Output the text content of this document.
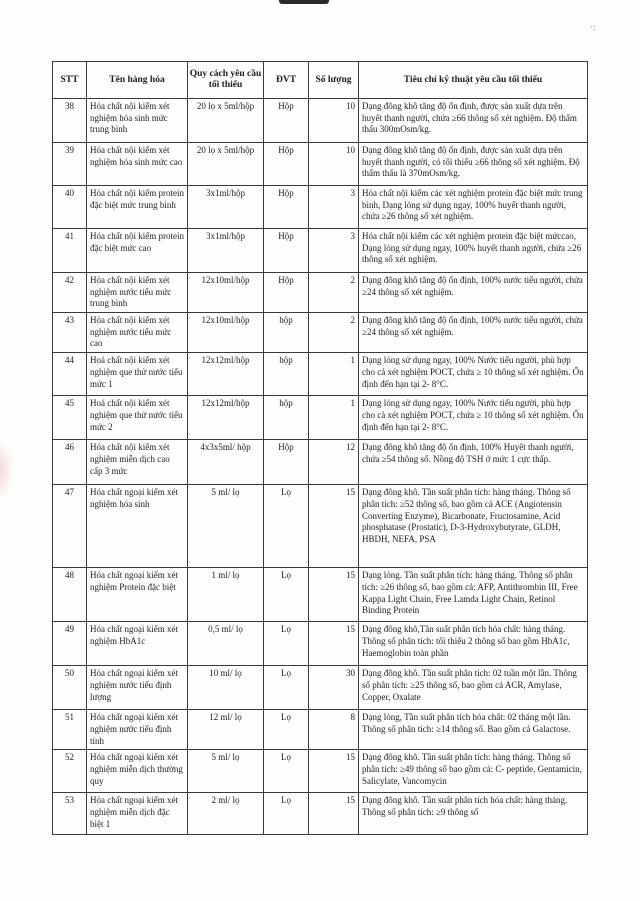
·:
STT	Tên hàng hóa	Quy cách yêu cầu tối thiểu	ĐVT	Số lượng	Tiêu chí kỹ thuật yêu cầu tối thiểu
38	Hóa chất nội kiểm xét nghiệm hóa sinh mức trung bình	20 lọ x 5ml/hộp	Hộp	10	Dạng đông khô tăng độ ổn định, được sản xuất dựa trên huyết thanh người, chứa ≥66 thông số xét nghiệm. Độ thẩm thấu 300mOsm/kg.
39	Hóa chất nội kiểm xét nghiệm hóa sinh mức cao	20 lọ x 5ml/hộp	Hộp	10	Dạng đông khô tăng độ ổn định, được sản xuất dựa trên huyết thanh người, có tối thiểu ≥66 thông số xét nghiệm. Độ thẩm thấu là 370mOsm/kg.
40	Hóa chất nội kiểm protein đặc biệt mức trung bình	3x1ml/hộp	Hộp	3	Hóa chất nội kiểm các xét nghiệm protein đặc biệt mức trung bình, Dạng lỏng sử dụng ngay, 100% huyết thanh người, chứa ≥26 thông số xét nghiệm.
41	Hóa chất nội kiểm protein đặc biệt mức cao	3x1ml/hộp	Hộp	3	Hóa chất nội kiểm các xét nghiệm protein đặc biệt mứccao, Dạng lỏng sử dụng ngay, 100% huyết thanh người, chứa ≥26 thông số xét nghiệm.
42	Hóa chất nội kiểm xét nghiệm nước tiểu mức trung bình	12x10ml/hộp	Hộp	2	Dạng đông khô tăng độ ổn định, 100% nước tiểu người, chứa ≥24 thông số xét nghiệm.
43	Hóa chất nội kiểm xét nghiệm nước tiểu mức cao	12x10ml/hộp	hộp	2	Dạng đông khô tăng độ ổn định, 100% nước tiểu người, chứa ≥24 thông số xét nghiệm.
44	Hoá chất nội kiểm xét nghiệm que thử nước tiểu mức 1	12x12ml/hộp	hộp	1	Dạng lỏng sử dụng ngay, 100% Nước tiểu người, phù hợp cho cả xét nghiệm POCT, chứa ≥ 10 thông số xét nghiệm. Ổn định đến hạn tại 2- 8°C.
45	Hoá chất nội kiểm xét nghiệm que thử nước tiểu mức 2	12x12ml/hộp	hộp	1	Dạng lỏng sử dụng ngay, 100% Nước tiểu người, phù hợp cho cả xét nghiệm POCT, chứa ≥ 10 thông số xét nghiệm. Ổn định đến hạn tại 2- 8°C.
46	Hóa chất nội kiểm xét nghiệm miễn dịch cao cấp 3 mức	4x3x5ml/ hộp	Hộp	12	Dạng đông khô tăng độ ổn định, 100% Huyết thanh người, chứa ≥54 thông số. Nồng độ TSH ở mức 1 cực thấp.
47	Hóa chất ngoại kiểm xét nghiệm hóa sinh	5 ml/ lọ	Lọ	15	Dạng đông khô. Tần suất phân tích: hàng tháng. Thông số phân tích: ≥52 thông số, bao gồm cả ACE (Angiotensin Converting Enzyme), Bicarbonate, Fructosamine, Acid phosphatase (Prostatic), D-3-Hydroxybutyrate, GLDH, HBDH, NEFA, PSA
48	Hóa chất ngoại kiểm xét nghiệm Protein đặc biệt	1 ml/ lọ	Lọ	15	Dạng lỏng. Tần suất phân tích: hàng tháng. Thông số phân tích: ≥26 thông số, bao gồm cả: AFP, Antithrombin III, Free Kappa Light Chain, Free Lamda Light Chain, Retinol Binding Protein
49	Hóa chất ngoại kiểm xét nghiệm HbA1c	0,5 ml/ lọ	Lọ	15	Dạng đông khô,Tần suất phân tích hóa chất: hàng tháng. Thông số phân tích: tối thiểu 2 thông số bao gồm HbA1c, Haemoglobin toàn phần
50	Hóa chất ngoại kiểm xét nghiệm nước tiểu định lượng	10 ml/ lọ	Lọ	30	Dạng đông khô. Tần suất phân tích: 02 tuần một lần. Thông số phân tích: ≥25 thông số, bao gồm cả ACR, Amylase, Copper, Oxalate
51	Hóa chất ngoại kiểm xét nghiệm nước tiểu định tính	12 ml/ lọ	Lọ	8	Dạng lỏng, Tần suất phân tích hóa chất: 02 tháng một lần. Thông số phân tích: ≥14 thông số. Bao gồm cả Galactose.
52	Hóa chất ngoại kiểm xét nghiệm miễn dịch thường quy	5 ml/ lọ	Lọ	15	Dạng đông khô. Tần suất phân tích: hàng tháng. Thông số phân tích: ≥49 thông số bao gồm cả: C- peptide, Gentamicin, Salicylate, Vancomycin
53	Hóa chất ngoại kiểm xét nghiệm miễn dịch đặc biệt 1	2 ml/ lọ	Lọ	15	Dạng đông khô. Tần suất phân tích hóa chất: hàng tháng. Thông số phân tích: ≥9 thông số
